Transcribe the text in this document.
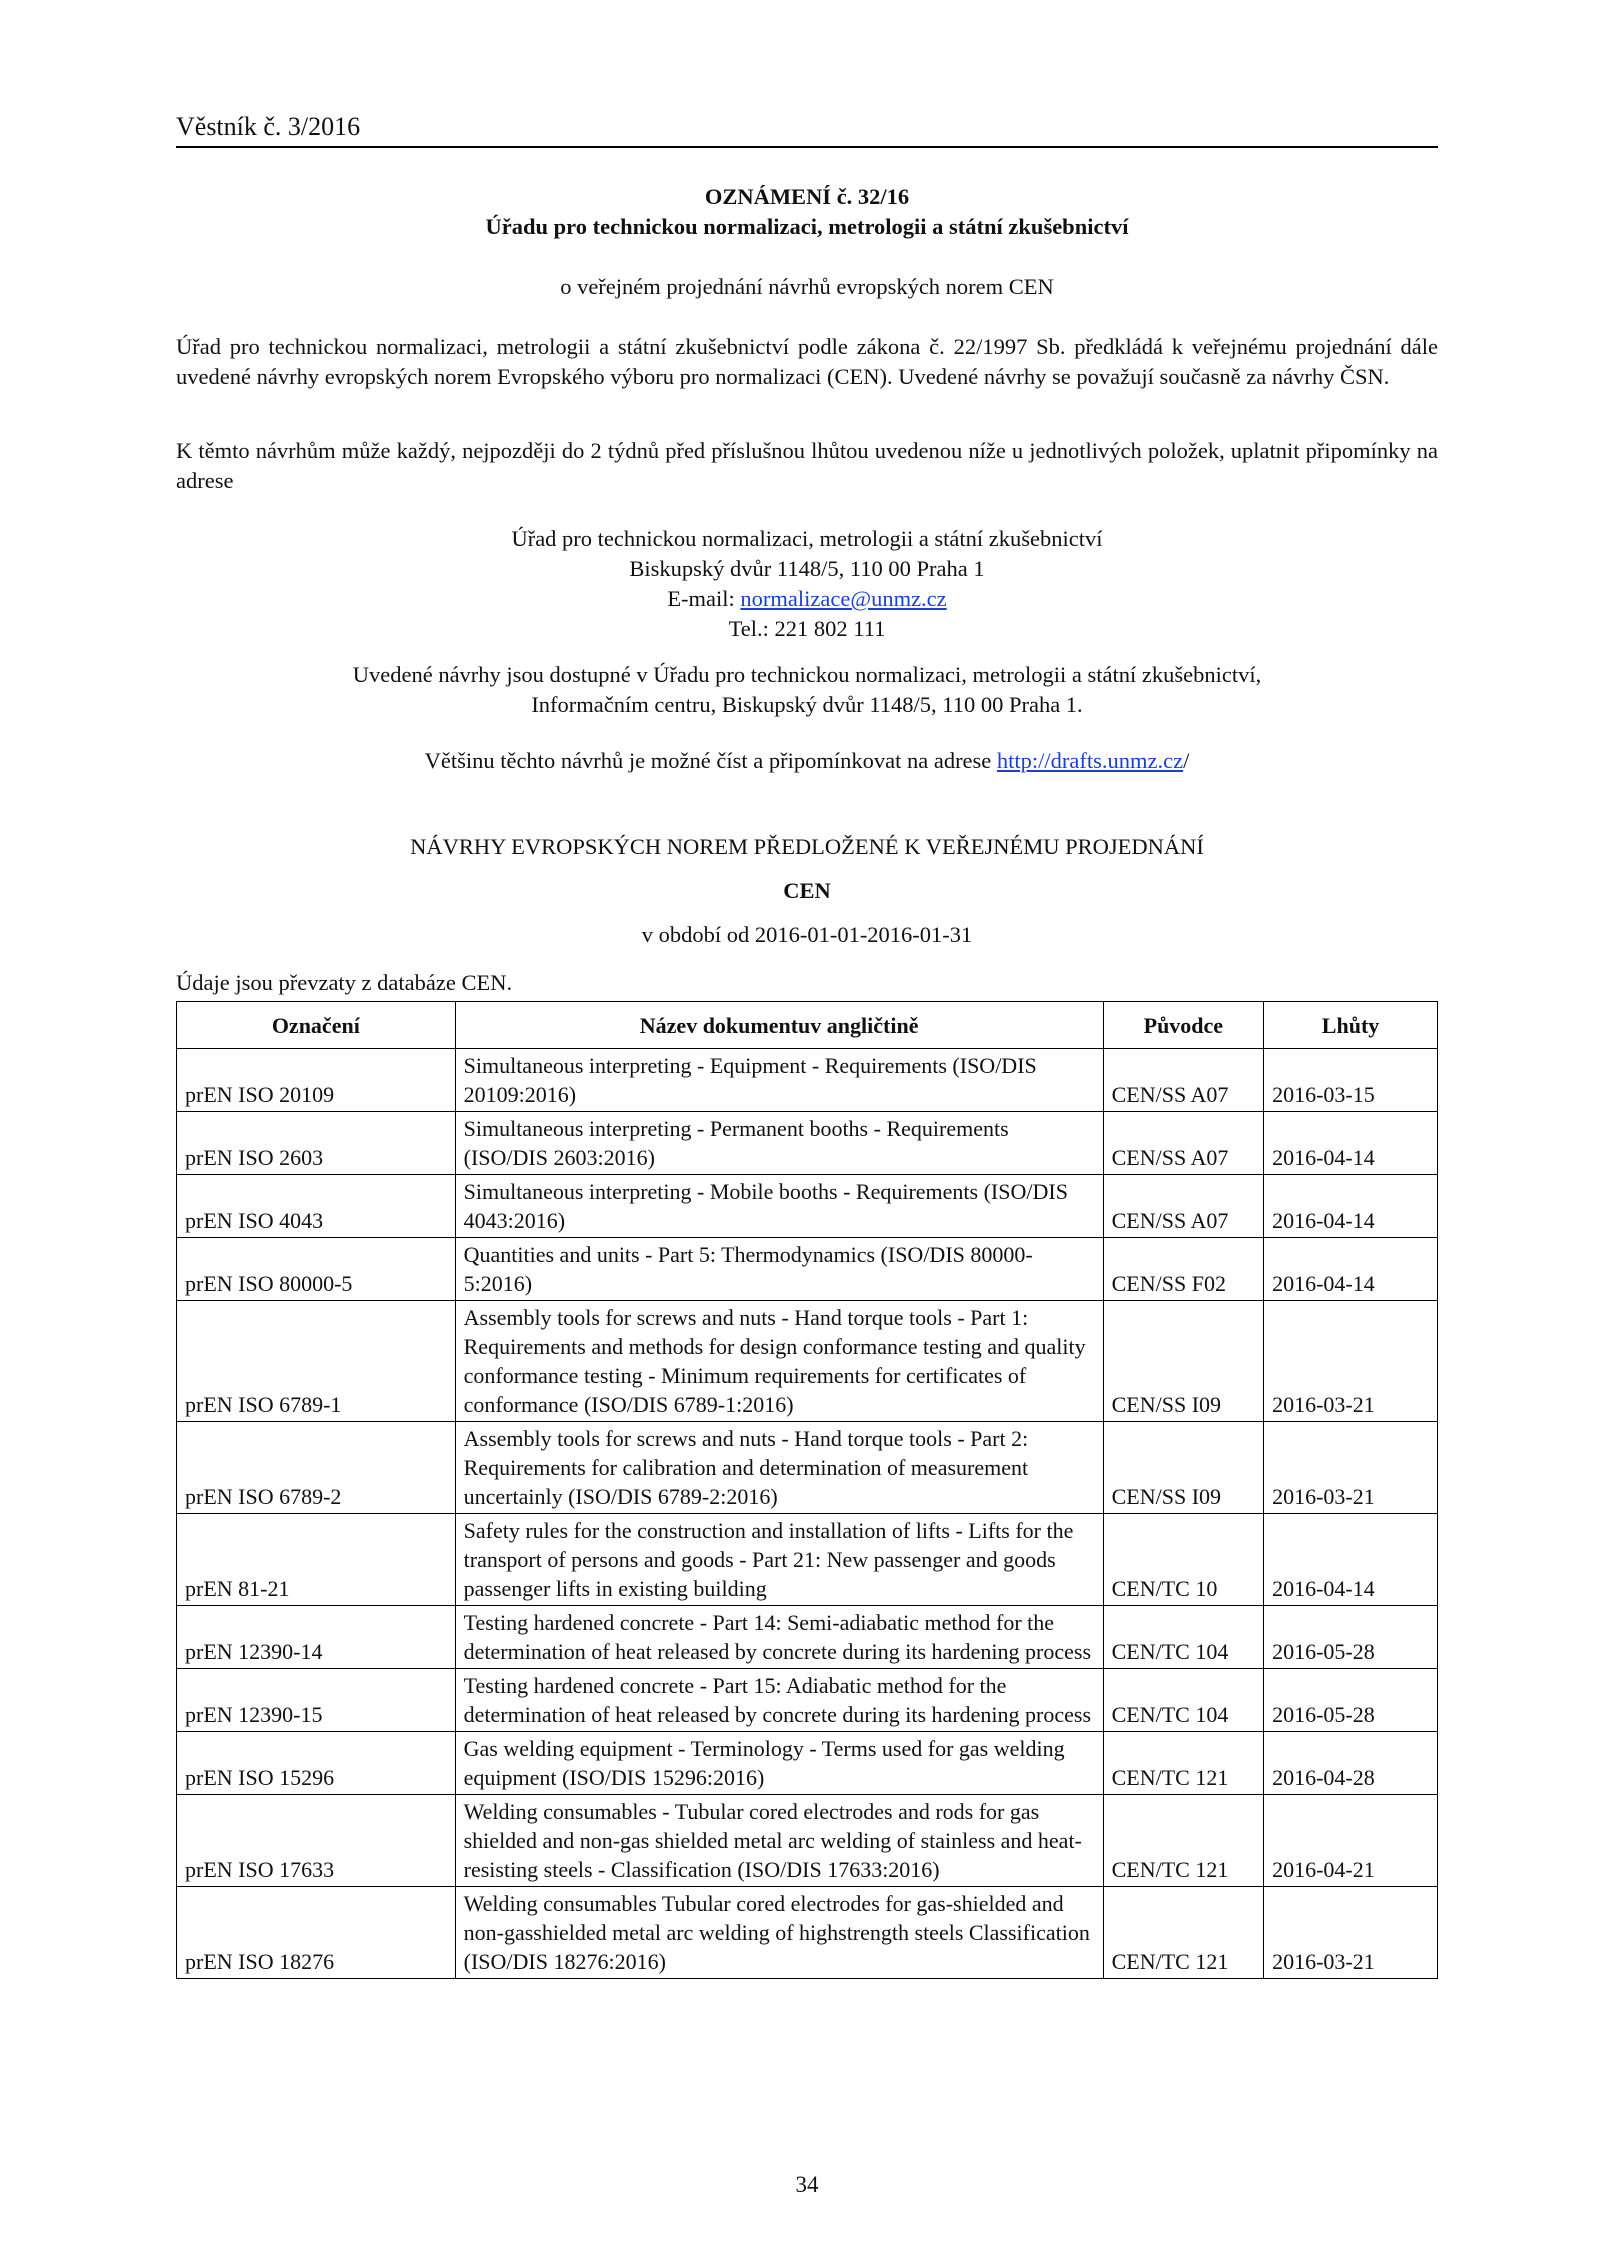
Věstník č. 3/2016
OZNÁMENÍ č. 32/16
Úřadu pro technickou normalizaci, metrologii a státní zkušebnictví
o veřejném projednání návrhů evropských norem CEN
Úřad pro technickou normalizaci, metrologii a státní zkušebnictví podle zákona č. 22/1997 Sb. předkládá k veřejnému projednání dále uvedené návrhy evropských norem Evropského výboru pro normalizaci (CEN). Uvedené návrhy se považují současně za návrhy ČSN.
K těmto návrhům může každý, nejpozději do 2 týdnů před příslušnou lhůtou uvedenou níže u jednotlivých položek, uplatnit připomínky na adrese
Úřad pro technickou normalizaci, metrologii a státní zkušebnictví
Biskupský dvůr 1148/5, 110 00 Praha 1
E-mail: normalizace@unmz.cz
Tel.: 221 802 111
Uvedené návrhy jsou dostupné v Úřadu pro technickou normalizaci, metrologii a státní zkušebnictví,
Informačním centru, Biskupský dvůr 1148/5, 110 00 Praha 1.
Většinu těchto návrhů je možné číst a připomínkovat na adrese http://drafts.unmz.cz/
NÁVRHY EVROPSKÝCH NOREM PŘEDLOŽENÉ K VEŘEJNÉMU PROJEDNÁNÍ
CEN
v období od 2016-01-01-2016-01-31
Údaje jsou převzaty z databáze CEN.
Označení	Název dokumentuv angličtině	Původce	Lhůty
prEN ISO 20109	Simultaneous interpreting - Equipment - Requirements (ISO/DIS 20109:2016)	CEN/SS A07	2016-03-15
prEN ISO 2603	Simultaneous interpreting - Permanent booths - Requirements (ISO/DIS 2603:2016)	CEN/SS A07	2016-04-14
prEN ISO 4043	Simultaneous interpreting - Mobile booths - Requirements (ISO/DIS 4043:2016)	CEN/SS A07	2016-04-14
prEN ISO 80000-5	Quantities and units - Part 5: Thermodynamics (ISO/DIS 80000-5:2016)	CEN/SS F02	2016-04-14
prEN ISO 6789-1	Assembly tools for screws and nuts - Hand torque tools - Part 1: Requirements and methods for design conformance testing and quality conformance testing - Minimum requirements for certificates of conformance (ISO/DIS 6789-1:2016)	CEN/SS I09	2016-03-21
prEN ISO 6789-2	Assembly tools for screws and nuts - Hand torque tools - Part 2: Requirements for calibration and determination of measurement uncertainly (ISO/DIS 6789-2:2016)	CEN/SS I09	2016-03-21
prEN 81-21	Safety rules for the construction and installation of lifts - Lifts for the transport of persons and goods - Part 21: New passenger and goods passenger lifts in existing building	CEN/TC 10	2016-04-14
prEN 12390-14	Testing hardened concrete - Part 14: Semi-adiabatic method for the determination of heat released by concrete during its hardening process	CEN/TC 104	2016-05-28
prEN 12390-15	Testing hardened concrete - Part 15: Adiabatic method for the determination of heat released by concrete during its hardening process	CEN/TC 104	2016-05-28
prEN ISO 15296	Gas welding equipment - Terminology - Terms used for gas welding equipment (ISO/DIS 15296:2016)	CEN/TC 121	2016-04-28
prEN ISO 17633	Welding consumables - Tubular cored electrodes and rods for gas shielded and non-gas shielded metal arc welding of stainless and heat-resisting steels - Classification (ISO/DIS 17633:2016)	CEN/TC 121	2016-04-21
prEN ISO 18276	Welding consumables Tubular cored electrodes for gas-shielded and non-gasshielded metal arc welding of highstrength steels Classification (ISO/DIS 18276:2016)	CEN/TC 121	2016-03-21
34
